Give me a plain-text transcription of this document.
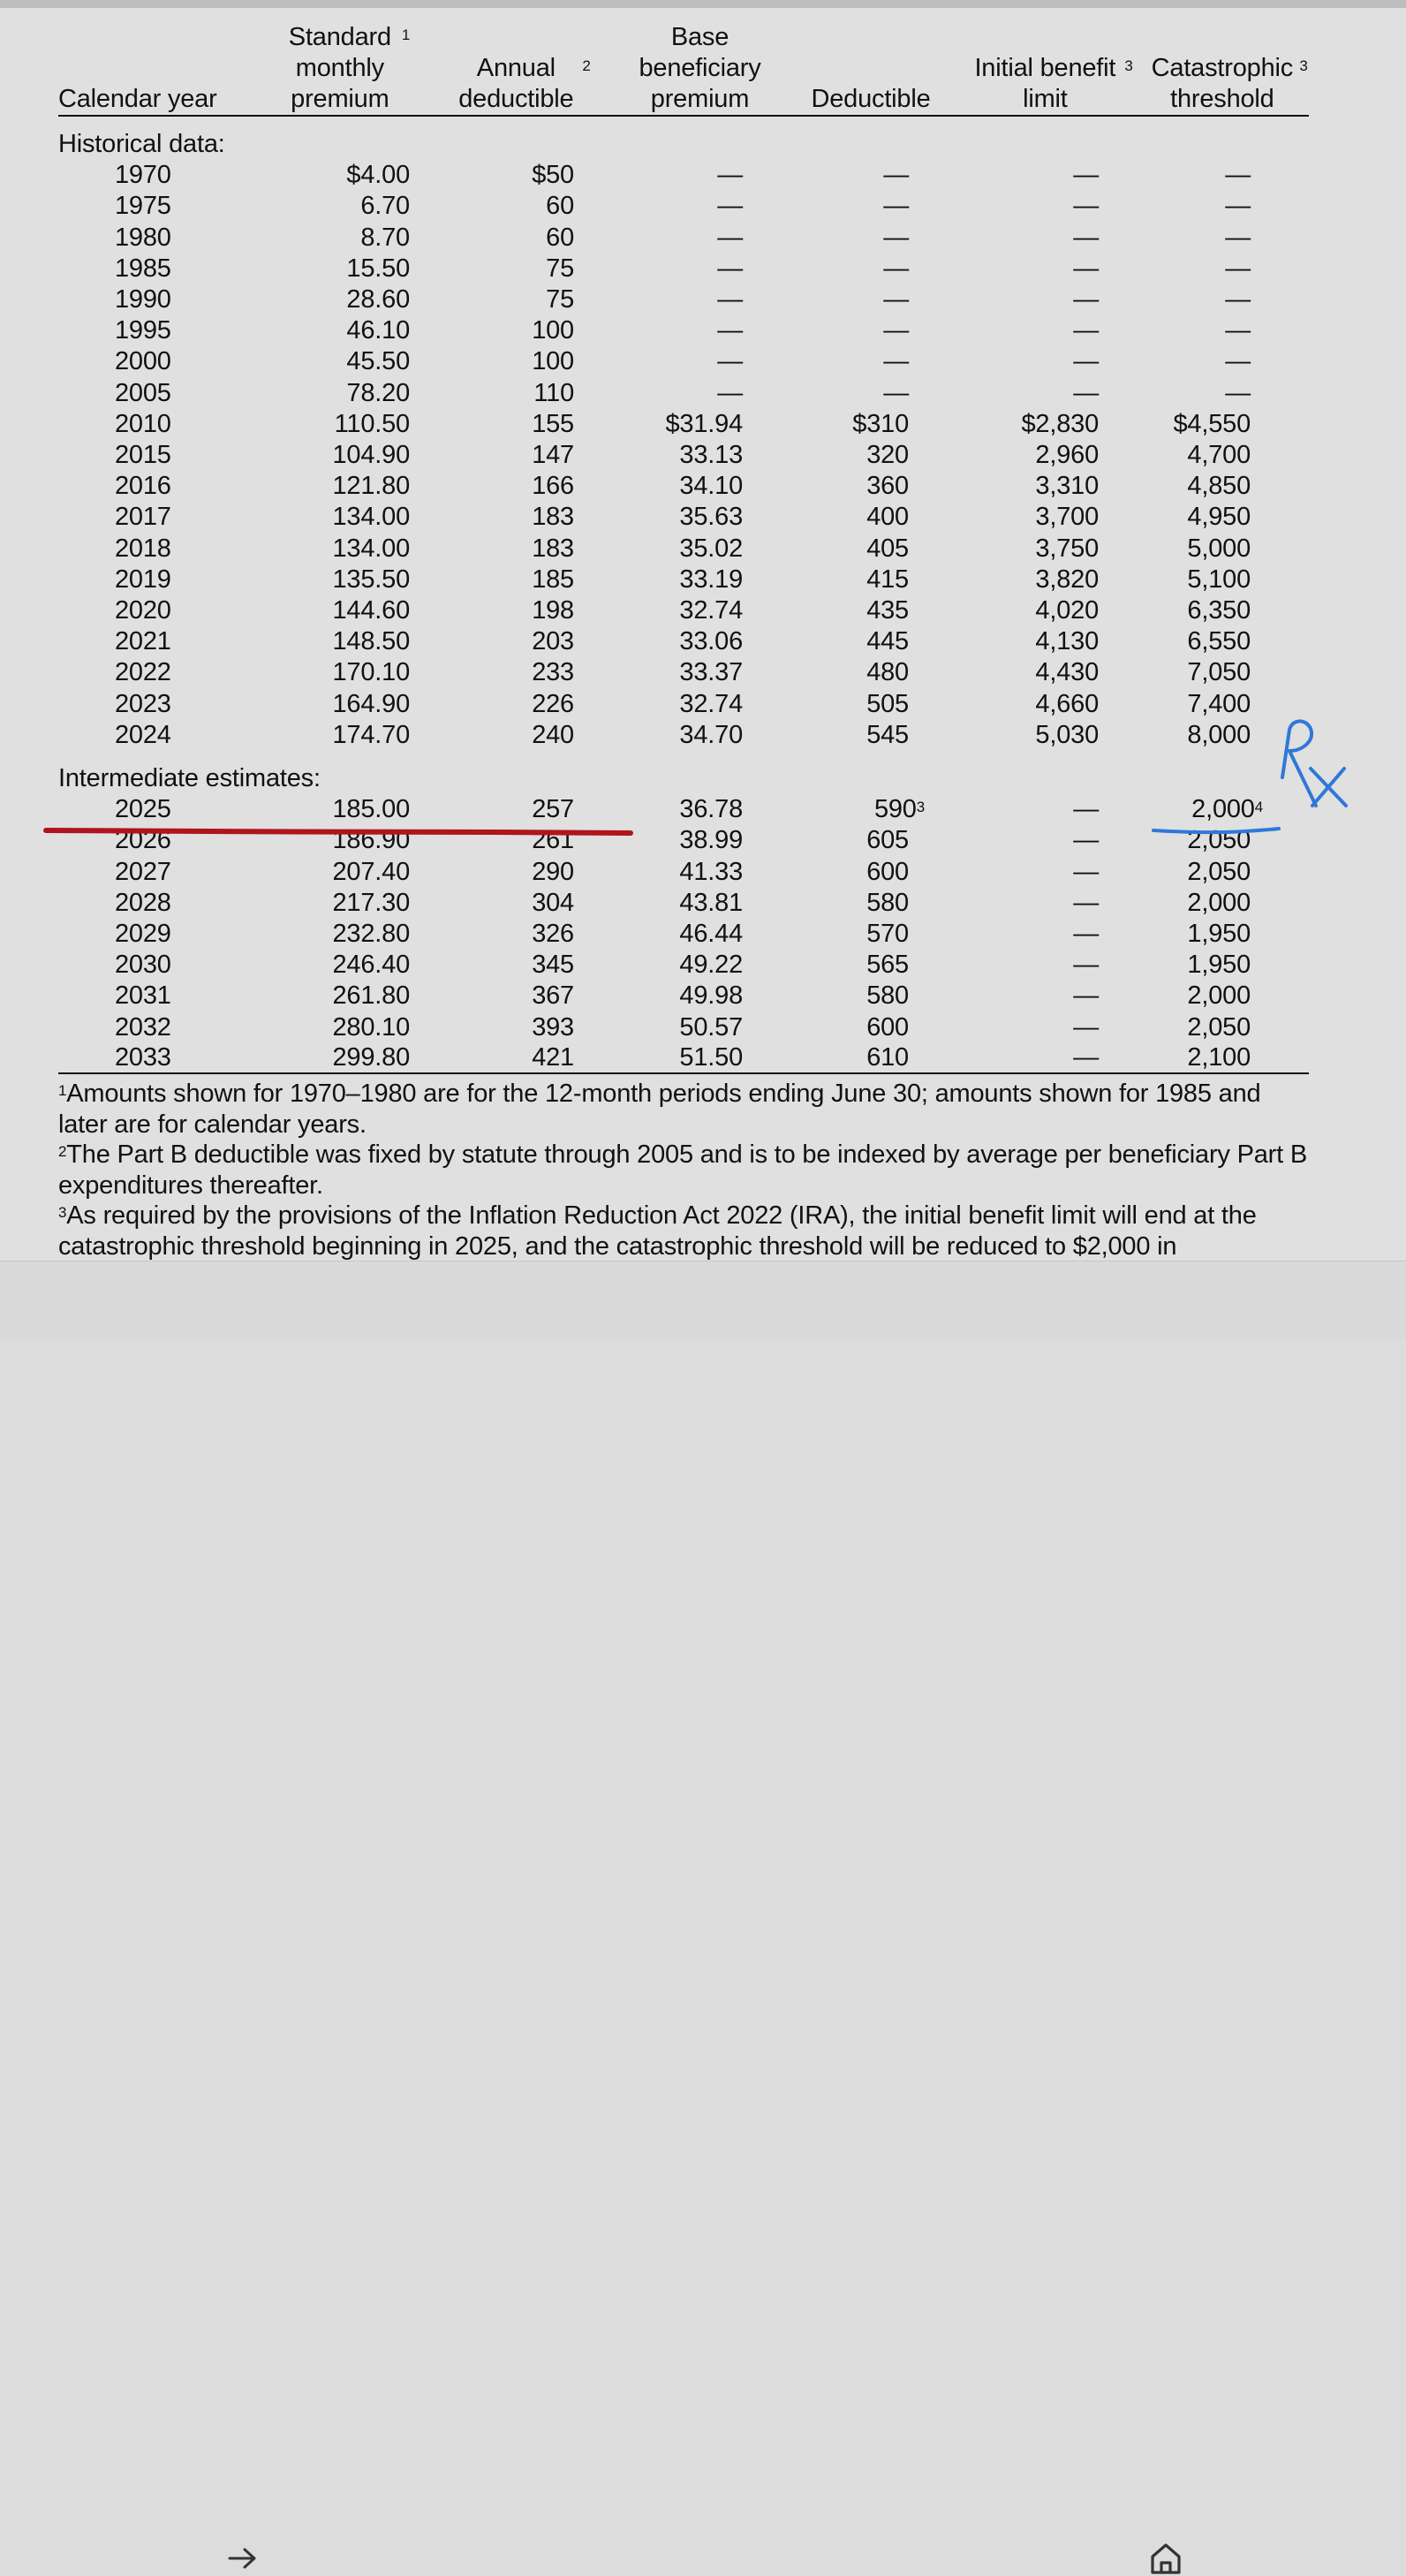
Calendar year	Standard monthly premium$^1$	Annual deductible$^2$	Base beneficiary premium	Deductible	Initial benefit limit$^3$	Catastrophic threshold$^3$

Historical data:						
1970	$4.00	$50	—	—	—	—
1975	6.70	60	—	—	—	—
1980	8.70	60	—	—	—	—
1985	15.50	75	—	—	—	—
1990	28.60	75	—	—	—	—
1995	46.10	100	—	—	—	—
2000	45.50	100	—	—	—	—
2005	78.20	110	—	—	—	—
2010	110.50	155	$31.94	$310	$2,830	$4,550
2015	104.90	147	33.13	320	2,960	4,700
2016	121.80	166	34.10	360	3,310	4,850
2017	134.00	183	35.63	400	3,700	4,950
2018	134.00	183	35.02	405	3,750	5,000
2019	135.50	185	33.19	415	3,820	5,100
2020	144.60	198	32.74	435	4,020	6,350
2021	148.50	203	33.06	445	4,130	6,550
2022	170.10	233	33.37	480	4,430	7,050
2023	164.90	226	32.74	505	4,660	7,400
2024	174.70	240	34.70	545	5,030	8,000

Intermediate estimates:						
2025	185.00	257	36.78	$590^3$	—	2,000$^4$
2026	186.90	261	38.99	605	—	2,050
2027	207.40	290	41.33	600	—	2,050
2028	217.30	304	43.81	580	—	2,000
2029	232.80	326	46.44	570	—	1,950
2030	246.40	345	49.22	565	—	1,950
2031	261.80	367	49.98	580	—	2,000
2032	280.10	393	50.57	600	—	2,050
2033	299.80	421	51.50	610	—	2,100

$^1$Amounts shown for 1970–1980 are for the 12-month periods ending June 30; amounts shown for 1985 and later are for calendar years.

$^2$The Part B deductible was fixed by statute through 2005 and is to be indexed by average per beneficiary Part B expenditures thereafter.

$^3$As required by the provisions of the Inflation Reduction Act 2022 (IRA), the initial benefit limit will end at the catastrophic threshold beginning in 2025, and the catastrophic threshold will be reduced to $2,000 in
